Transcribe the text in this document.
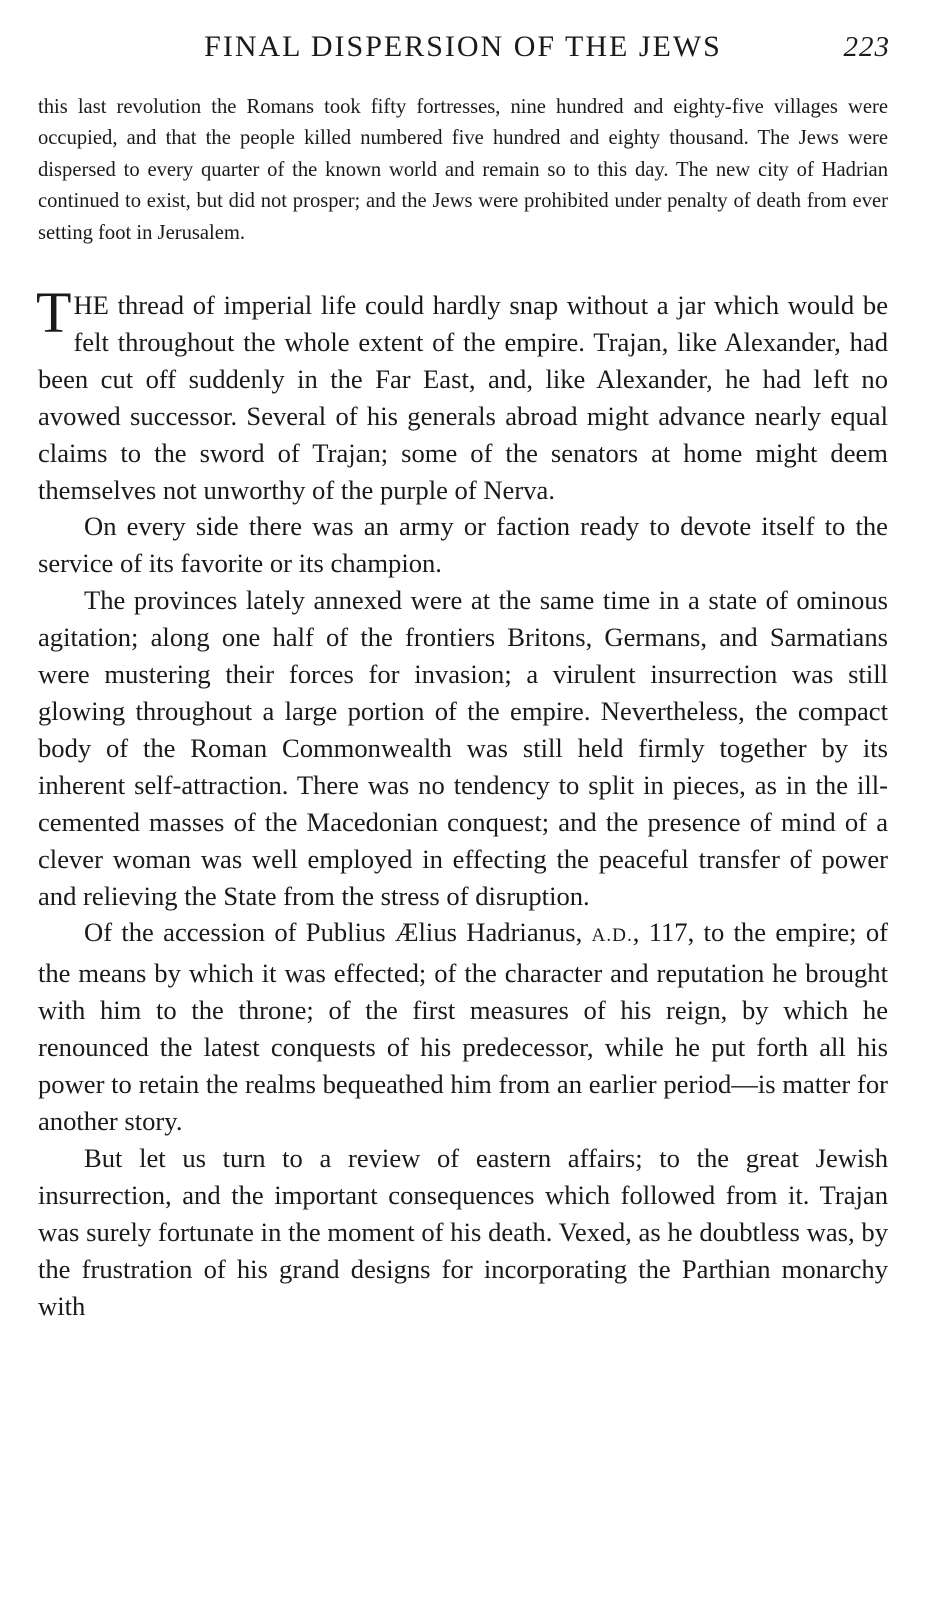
FINAL DISPERSION OF THE JEWS	223
this last revolution the Romans took fifty fortresses, nine hundred and eighty-five villages were occupied, and that the people killed numbered five hundred and eighty thousand. The Jews were dispersed to every quarter of the known world and remain so to this day. The new city of Hadrian continued to exist, but did not prosper; and the Jews were prohibited under penalty of death from ever setting foot in Jerusalem.

THE thread of imperial life could hardly snap without a jar which would be felt throughout the whole extent of the empire. Trajan, like Alexander, had been cut off suddenly in the Far East, and, like Alexander, he had left no avowed successor. Several of his generals abroad might advance nearly equal claims to the sword of Trajan; some of the senators at home might deem themselves not unworthy of the purple of Nerva.

On every side there was an army or faction ready to devote itself to the service of its favorite or its champion.

The provinces lately annexed were at the same time in a state of ominous agitation; along one half of the frontiers Britons, Germans, and Sarmatians were mustering their forces for invasion; a virulent insurrection was still glowing throughout a large portion of the empire. Nevertheless, the compact body of the Roman Commonwealth was still held firmly together by its inherent self-attraction. There was no tendency to split in pieces, as in the ill-cemented masses of the Macedonian conquest; and the presence of mind of a clever woman was well employed in effecting the peaceful transfer of power and relieving the State from the stress of disruption.

Of the accession of Publius Ælius Hadrianus, A.D., 117, to the empire; of the means by which it was effected; of the character and reputation he brought with him to the throne; of the first measures of his reign, by which he renounced the latest conquests of his predecessor, while he put forth all his power to retain the realms bequeathed him from an earlier period—is matter for another story.

But let us turn to a review of eastern affairs; to the great Jewish insurrection, and the important consequences which followed from it. Trajan was surely fortunate in the moment of his death. Vexed, as he doubtless was, by the frustration of his grand designs for incorporating the Parthian monarchy with
